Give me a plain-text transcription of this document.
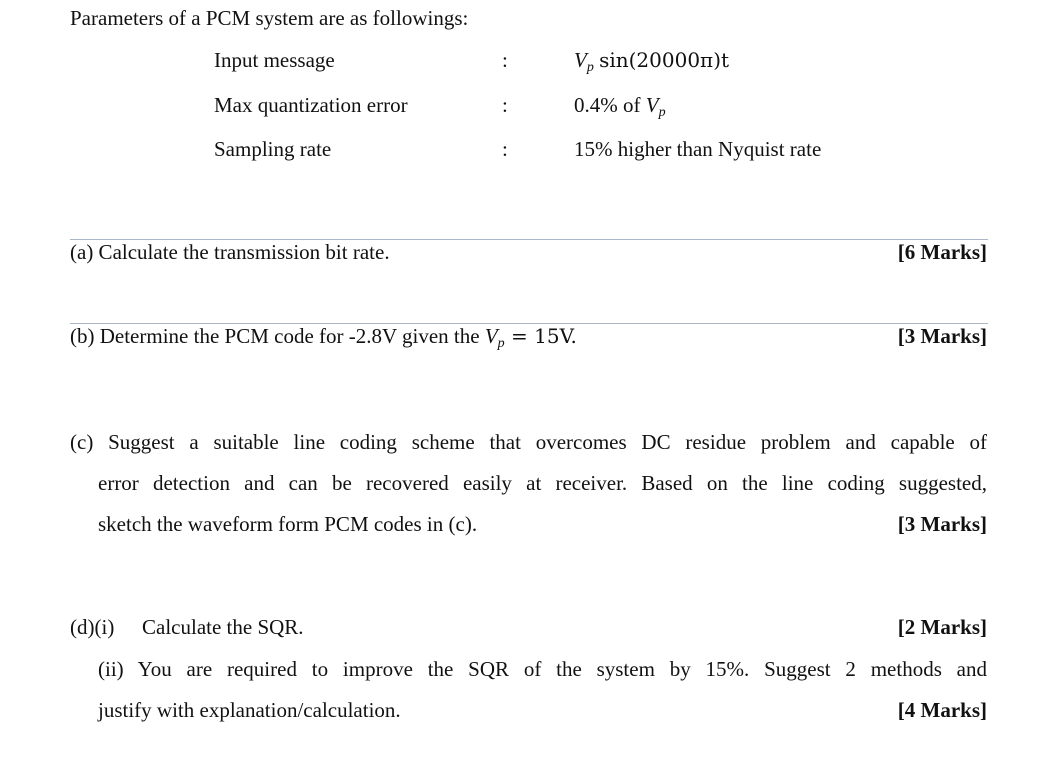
Parameters of a PCM system are as followings:
Input message	:	$V_p$ sin(20000π)t
Max quantization error	:	0.4% of $V_p$
Sampling rate	:	15% higher than Nyquist rate
(a) Calculate the transmission bit rate.	[6 Marks]
(b) Determine the PCM code for -2.8V given the $V_p = 15V$.	[3 Marks]
(c) Suggest a suitable line coding scheme that overcomes DC residue problem and capable of
error detection and can be recovered easily at receiver. Based on the line coding suggested,
sketch the waveform form PCM codes in (c).	[3 Marks]
(d)(i) Calculate the SQR.	[2 Marks]
(ii) You are required to improve the SQR of the system by 15%. Suggest 2 methods and
justify with explanation/calculation.	[4 Marks]
